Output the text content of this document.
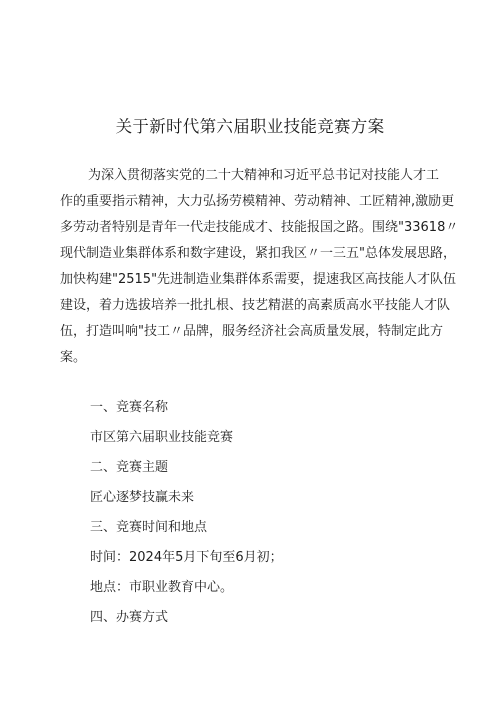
关于新时代第六届职业技能竞赛方案
为深入贯彻落实党的二十大精神和习近平总书记对技能人才工
作的重要指示精神，大力弘扬劳模精神、劳动精神、工匠精神,激励更
多劳动者特别是青年一代走技能成才、技能报国之路。围绕"33618〃
现代制造业集群体系和数字建设，紧扣我区〃一三五"总体发展思路，
加快构建"2515"先进制造业集群体系需要，提速我区高技能人才队伍
建设，着力选拔培养一批扎根、技艺精湛的高素质高水平技能人才队
伍，打造叫响"技工〃品牌，服务经济社会高质量发展，特制定此方
案。
一、竞赛名称
市区第六届职业技能竞赛
二、竞赛主题
匠心逐梦技赢未来
三、竞赛时间和地点
时间：2024年5月下旬至6月初；
地点：市职业教育中心。
四、办赛方式
